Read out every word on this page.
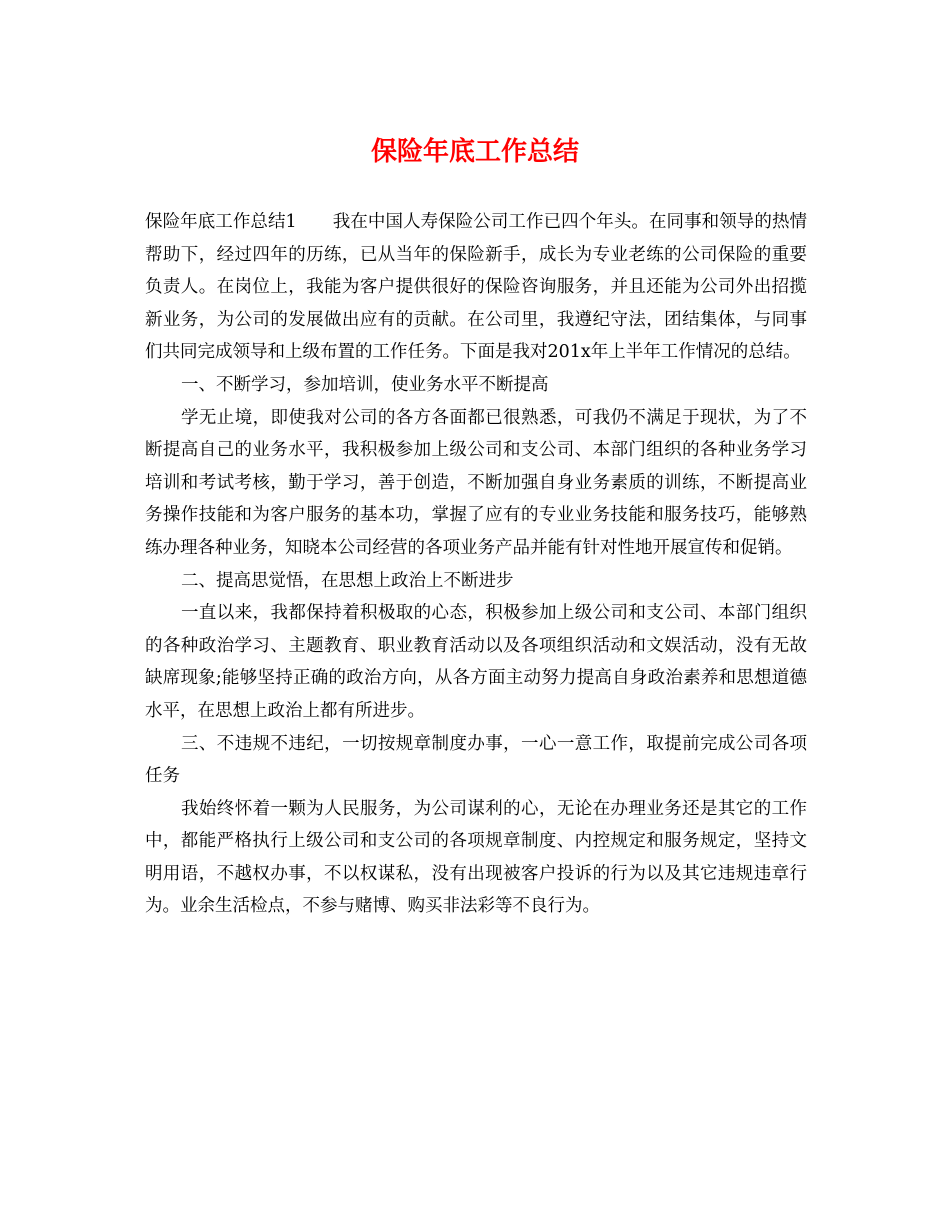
保险年底工作总结

保险年底工作总结1 我在中国人寿保险公司工作已四个年头。在同事和领导的热情帮助下，经过四年的历练，已从当年的保险新手，成长为专业老练的公司保险的重要负责人。在岗位上，我能为客户提供很好的保险咨询服务，并且还能为公司外出招揽新业务，为公司的发展做出应有的贡献。在公司里，我遵纪守法，团结集体，与同事们共同完成领导和上级布置的工作任务。下面是我对201x年上半年工作情况的总结。

一、不断学习，参加培训，使业务水平不断提高

学无止境，即使我对公司的各方各面都已很熟悉，可我仍不满足于现状，为了不断提高自己的业务水平，我积极参加上级公司和支公司、本部门组织的各种业务学习培训和考试考核，勤于学习，善于创造，不断加强自身业务素质的训练，不断提高业务操作技能和为客户服务的基本功，掌握了应有的专业业务技能和服务技巧，能够熟练办理各种业务，知晓本公司经营的各项业务产品并能有针对性地开展宣传和促销。

二、提高思觉悟，在思想上政治上不断进步

一直以来，我都保持着积极取的心态，积极参加上级公司和支公司、本部门组织的各种政治学习、主题教育、职业教育活动以及各项组织活动和文娱活动，没有无故缺席现象;能够坚持正确的政治方向，从各方面主动努力提高自身政治素养和思想道德水平，在思想上政治上都有所进步。

三、不违规不违纪，一切按规章制度办事，一心一意工作，取提前完成公司各项任务

我始终怀着一颗为人民服务，为公司谋利的心，无论在办理业务还是其它的工作中，都能严格执行上级公司和支公司的各项规章制度、内控规定和服务规定，坚持文明用语，不越权办事，不以权谋私，没有出现被客户投诉的行为以及其它违规违章行为。业余生活检点，不参与赌博、购买非法彩等不良行为。
